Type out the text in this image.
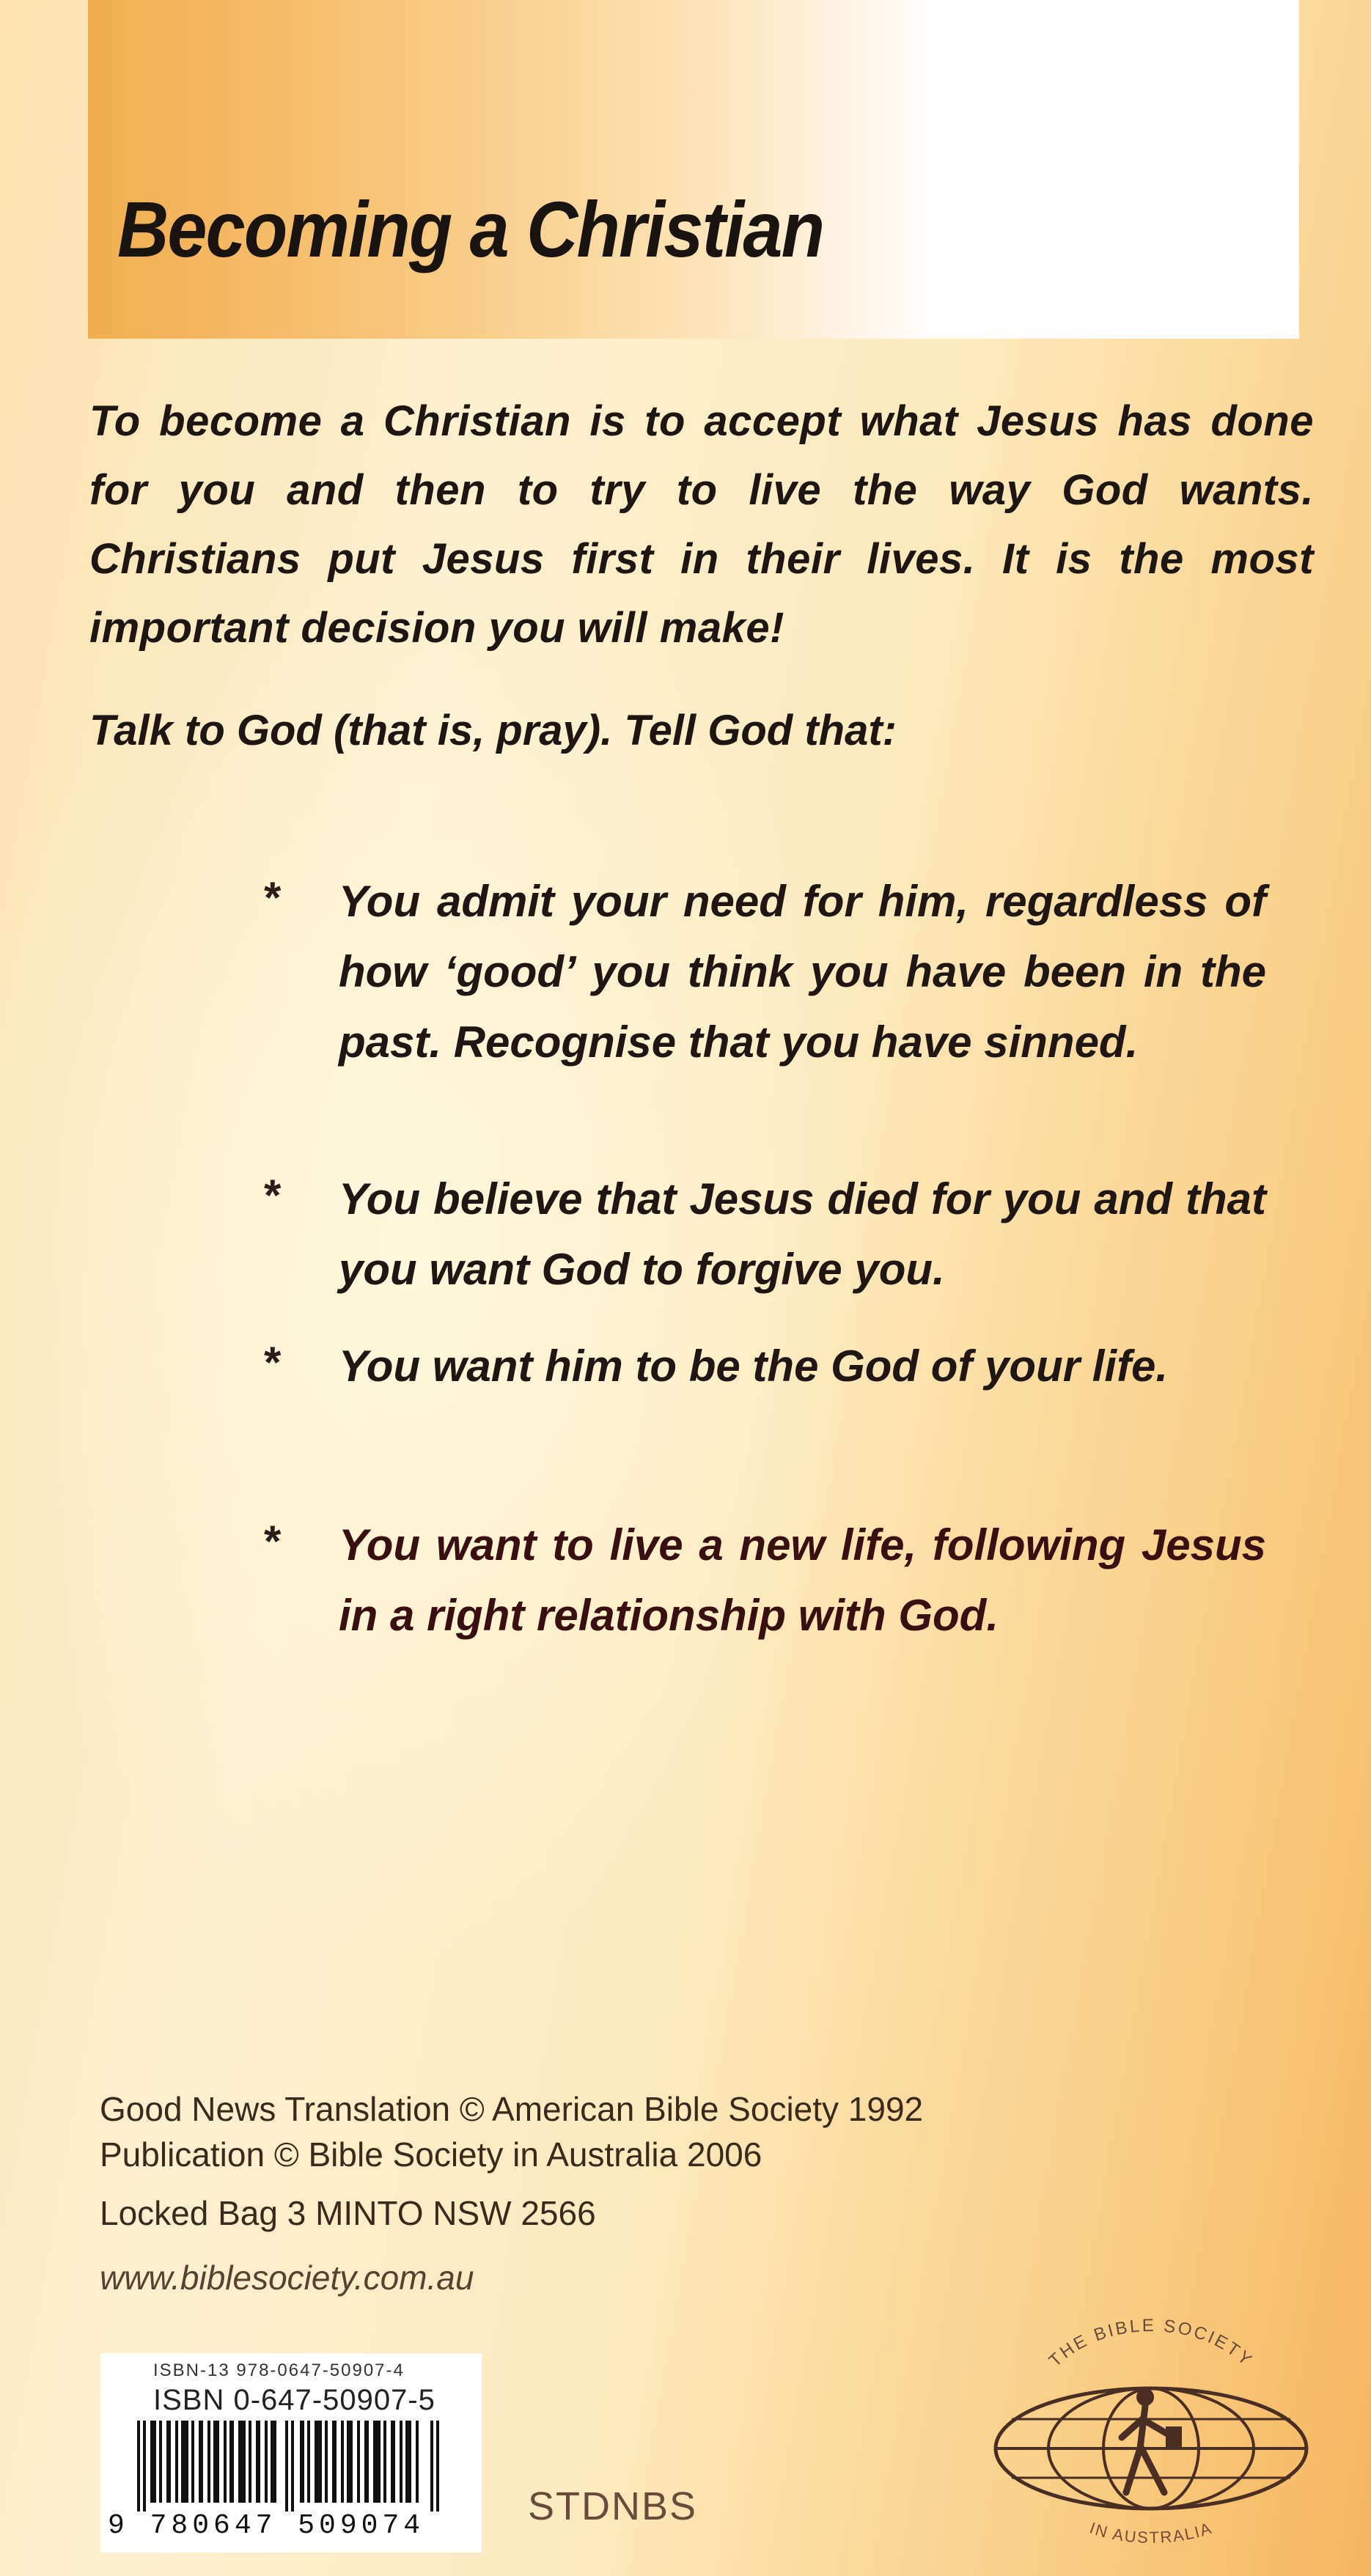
Becoming a Christian

To become a Christian is to accept what Jesus has done for you and then to try to live the way God wants. Christians put Jesus first in their lives. It is the most important decision you will make!

Talk to God (that is, pray). Tell God that:

* You admit your need for him, regardless of how ‘good’ you think you have been in the past. Recognise that you have sinned.

* You believe that Jesus died for you and that you want God to forgive you.

* You want him to be the God of your life.

* You want to live a new life, following Jesus in a right relationship with God.

Good News Translation © American Bible Society 1992

Publication © Bible Society in Australia 2006

Locked Bag 3 MINTO NSW 2566

www.biblesociety.com.au

ISBN-13 978-0647-50907-4
ISBN 0-647-50907-5
9 780647 509074	STDNBS
THE BIBLE SOCIETY
IN AUSTRALIA
